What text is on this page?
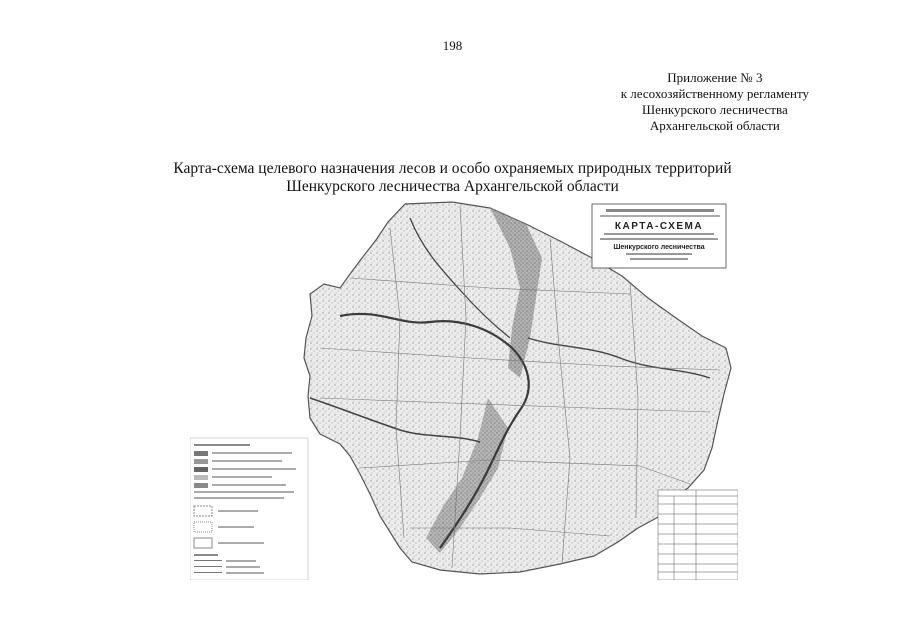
198
Приложение № 3
к лесохозяйственному регламенту
Шенкурского лесничества
Архангельской области
Карта-схема целевого назначения лесов и особо охраняемых природных территорий
Шенкурского лесничества Архангельской области
КАРТА-СХЕМА
Шенкурского лесничества
